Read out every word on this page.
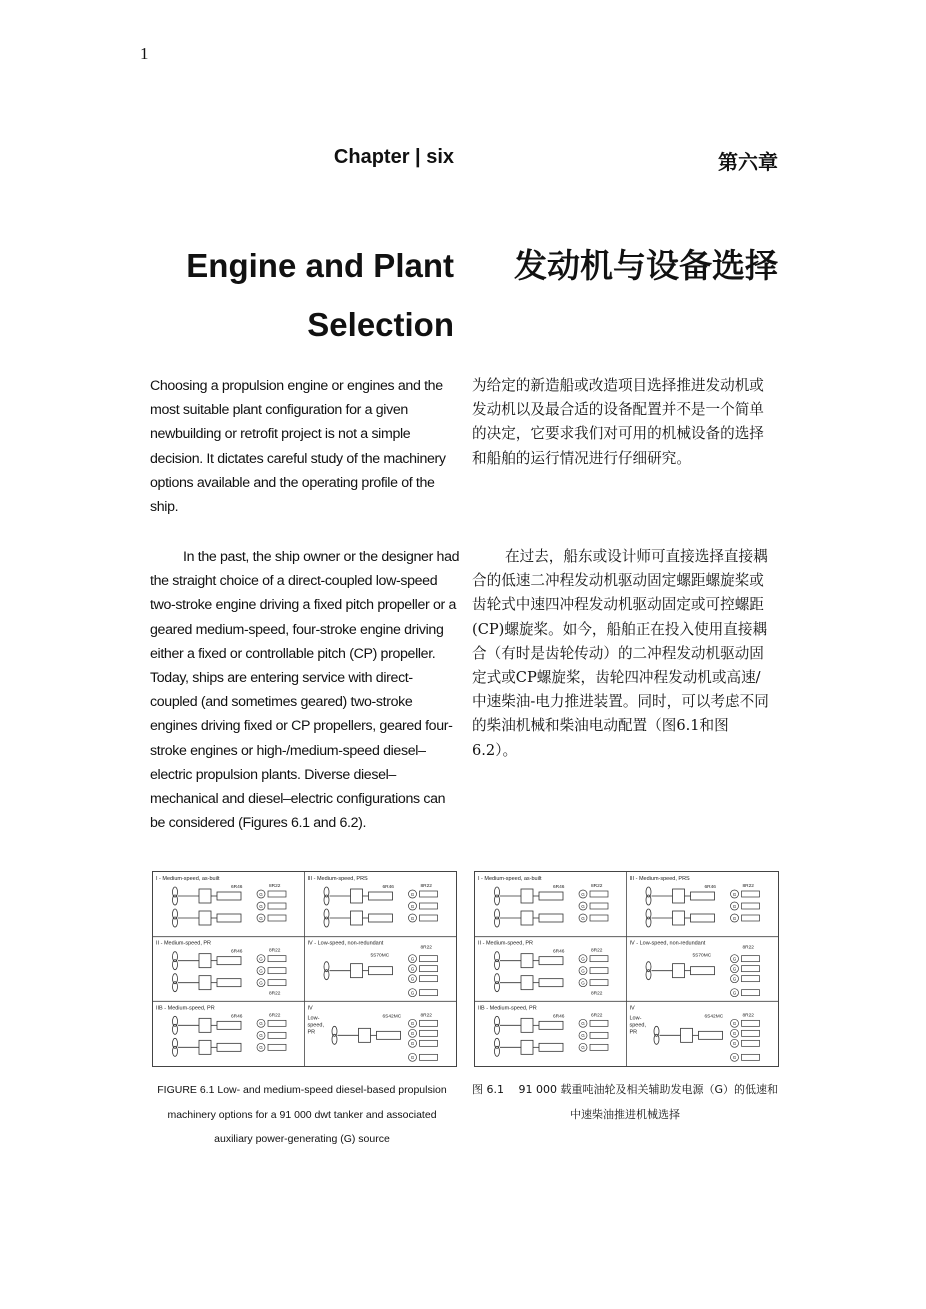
1
Chapter | six	第六章
Engine and Plant
Selection
发动机与设备选择

Choosing a propulsion engine or engines and the most suitable plant configuration for a given newbuilding or retrofit project is not a simple decision. It dictates careful study of the machinery options available and the operating profile of the ship.

为给定的新造船或改造项目选择推进发动机或发动机以及最合适的设备配置并不是一个简单的决定，它要求我们对可用的机械设备的选择和船舶的运行情况进行仔细研究。

In the past, the ship owner or the designer had the straight choice of a direct-coupled low-speed two-stroke engine driving a fixed pitch propeller or a geared medium-speed, four-stroke engine driving either a fixed or controllable pitch (CP) propeller. Today, ships are entering service with direct-coupled (and sometimes geared) two-stroke engines driving fixed or CP propellers, geared four-stroke engines or high-/medium-speed diesel–electric propulsion plants. Diverse diesel–mechanical and diesel–electric configurations can be considered (Figures 6.1 and 6.2).

在过去，船东或设计师可直接选择直接耦合的低速二冲程发动机驱动固定螺距螺旋桨或齿轮式中速四冲程发动机驱动固定或可控螺距(CP)螺旋桨。如今，船舶正在投入使用直接耦合（有时是齿轮传动）的二冲程发动机驱动固定式或CP螺旋桨，齿轮四冲程发动机或高速/中速柴油-电力推进装置。同时，可以考虑不同的柴油机械和柴油电动配置（图6.1和图6.2）。

I - Medium-speed, as-built
6R46	8R22
G
G
G
III - Medium-speed, PRS
6R46	8R22
G
G
G
II - Medium-speed, PR
6R46	8R22
8R22
G
G
G
IV - Low-speed, non-redundant
5S70MC
8R22
G
G
G
G
IIB - Medium-speed, PR
6R46	6R22
G
G
G
IV
Low-
speed,
PR
6S42MC	8R22
G
G
G
G
I - Medium-speed, as-built
6R46	8R22
G
G
G
III - Medium-speed, PRS
6R46	8R22
G
G
G
II - Medium-speed, PR
6R46	8R22
8R22
G
G
G
IV - Low-speed, non-redundant
5S70MC
8R22
G
G
G
G
IIB - Medium-speed, PR
6R46	6R22
G
G
G
IV
Low-
speed,
PR
6S42MC	8R22
G
G
G
G
FIGURE 6.1 Low- and medium-speed diesel-based propulsion machinery options for a 91 000 dwt tanker and associated auxiliary power-generating (G) source
图 6.1　 91 000 载重吨油轮及相关辅助发电源（G）的低速和中速柴油推进机械选择
